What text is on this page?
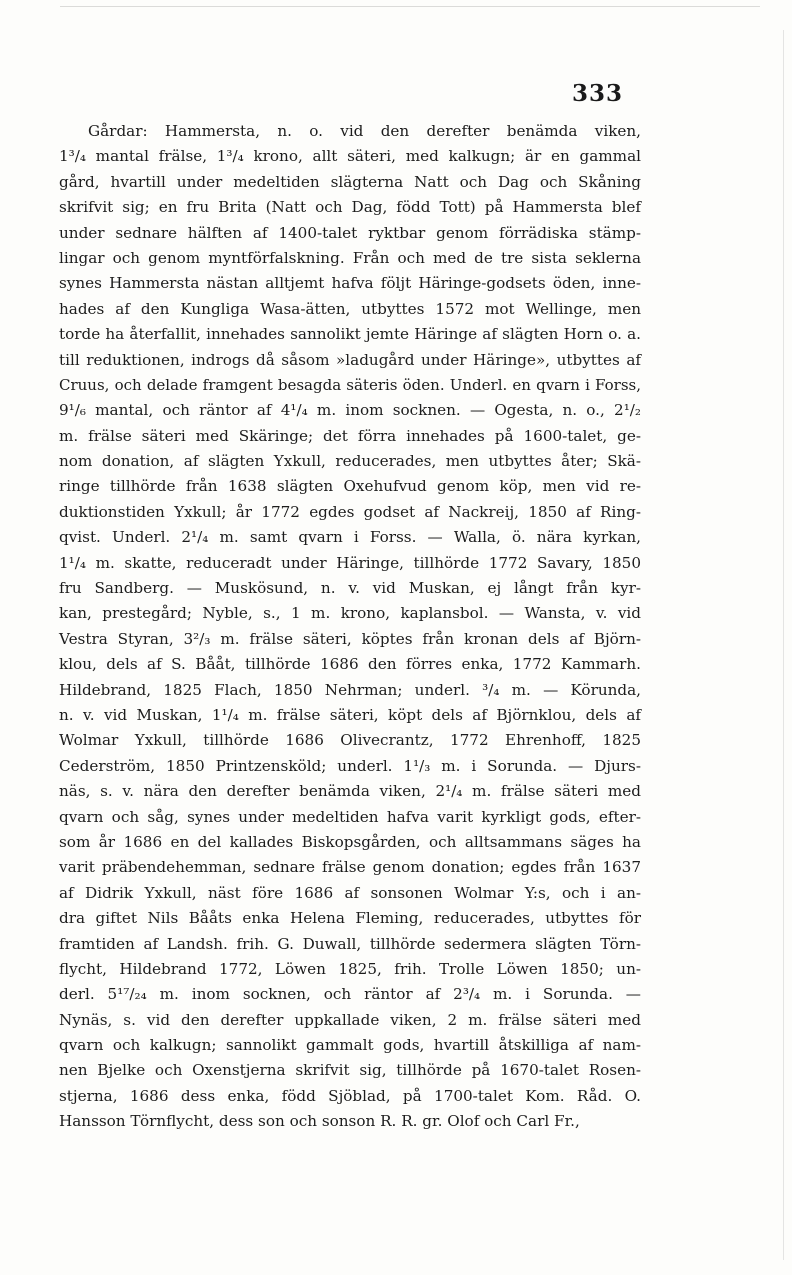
333
Gårdar: Hammersta, n. o. vid den derefter benämda viken,
1³/₄ mantal frälse, 1³/₄ krono, allt säteri, med kalkugn; är en gammal
gård, hvartill under medeltiden slägterna Natt och Dag och Skåning
skrifvit sig; en fru Brita (Natt och Dag, född Tott) på Hammersta blef
under sednare hälften af 1400-talet ryktbar genom förrädiska stämp-
lingar och genom myntförfalskning. Från och med de tre sista seklerna
synes Hammersta nästan alltjemt hafva följt Häringe-godsets öden, inne-
hades af den Kungliga Wasa-ätten, utbyttes 1572 mot Wellinge, men
torde ha återfallit, innehades sannolikt jemte Häringe af slägten Horn o. a.
till reduktionen, indrogs då såsom »ladugård under Häringe», utbyttes af
Cruus, och delade framgent besagda säteris öden. Underl. en qvarn i Forss,
9¹/₆ mantal, och räntor af 4¹/₄ m. inom socknen. — Ogesta, n. o., 2¹/₂
m. frälse säteri med Skäringe; det förra innehades på 1600-talet, ge-
nom donation, af slägten Yxkull, reducerades, men utbyttes åter; Skä-
ringe tillhörde från 1638 slägten Oxehufvud genom köp, men vid re-
duktionstiden Yxkull; år 1772 egdes godset af Nackreij, 1850 af Ring-
qvist. Underl. 2¹/₄ m. samt qvarn i Forss. — Walla, ö. nära kyrkan,
1¹/₄ m. skatte, reduceradt under Häringe, tillhörde 1772 Savary, 1850
fru Sandberg. — Muskösund, n. v. vid Muskan, ej långt från kyr-
kan, prestegård; Nyble, s., 1 m. krono, kaplansbol. — Wansta, v. vid
Vestra Styran, 3²/₃ m. frälse säteri, köptes från kronan dels af Björn-
klou, dels af S. Bååt, tillhörde 1686 den förres enka, 1772 Kammarh.
Hildebrand, 1825 Flach, 1850 Nehrman; underl. ³/₄ m. — Körunda,
n. v. vid Muskan, 1¹/₄ m. frälse säteri, köpt dels af Björnklou, dels af
Wolmar Yxkull, tillhörde 1686 Olivecrantz, 1772 Ehrenhoff, 1825
Cederström, 1850 Printzensköld; underl. 1¹/₃ m. i Sorunda. — Djurs-
näs, s. v. nära den derefter benämda viken, 2¹/₄ m. frälse säteri med
qvarn och såg, synes under medeltiden hafva varit kyrkligt gods, efter-
som år 1686 en del kallades Biskopsgården, och alltsammans säges ha
varit präbendehemman, sednare frälse genom donation; egdes från 1637
af Didrik Yxkull, näst före 1686 af sonsonen Wolmar Y:s, och i an-
dra giftet Nils Bååts enka Helena Fleming, reducerades, utbyttes för
framtiden af Landsh. frih. G. Duwall, tillhörde sedermera slägten Törn-
flycht, Hildebrand 1772, Löwen 1825, frih. Trolle Löwen 1850; un-
derl. 5¹⁷/₂₄ m. inom socknen, och räntor af 2³/₄ m. i Sorunda. —
Nynäs, s. vid den derefter uppkallade viken, 2 m. frälse säteri med
qvarn och kalkugn; sannolikt gammalt gods, hvartill åtskilliga af nam-
nen Bjelke och Oxenstjerna skrifvit sig, tillhörde på 1670-talet Rosen-
stjerna, 1686 dess enka, född Sjöblad, på 1700-talet Kom. Råd. O.
Hansson Törnflycht, dess son och sonson R. R. gr. Olof och Carl Fr.,
